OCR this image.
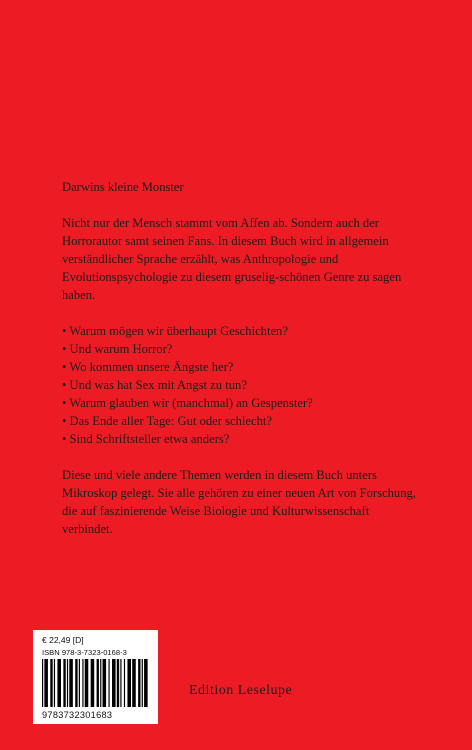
Darwins kleine Monster

Nicht nur der Mensch stammt vom Affen ab. Sondern auch der Horrorautor samt seinen Fans. In diesem Buch wird in allgemein verständlicher Sprache erzählt, was Anthropologie und Evolutionspsychologie zu diesem gruselig-schönen Genre zu sagen haben.

• Warum mögen wir überhaupt Geschichten?
• Und warum Horror?
• Wo kommen unsere Ängste her?
• Und was hat Sex mit Angst zu tun?
• Warum glauben wir (manchmal) an Gespenster?
• Das Ende aller Tage: Gut oder schlecht?
• Sind Schriftsteller etwa anders?

Diese und viele andere Themen werden in diesem Buch unters Mikroskop gelegt. Sie alle gehören zu einer neuen Art von Forschung, die auf faszinierende Weise Biologie und Kulturwissenschaft verbindet.

€ 22,49 [D]
ISBN 978-3-7323-0168-3
9783732301683
Edition Leselupe
